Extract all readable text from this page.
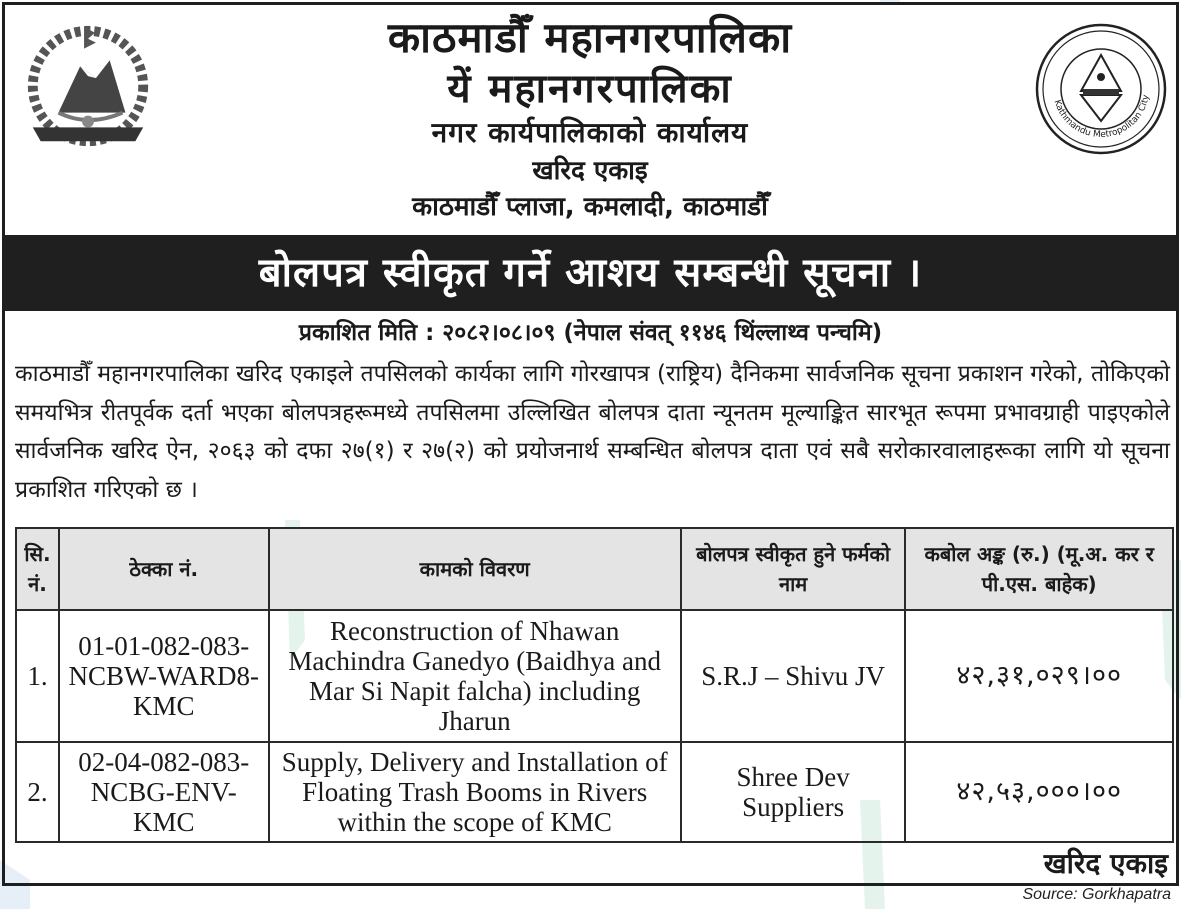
काठमाडौँ महानगरपालिका
यें महानगरपालिका
नगर कार्यपालिकाको कार्यालय
खरिद एकाइ
काठमाडौँ प्लाजा, कमलादी, काठमाडौँ
Kathmandu Metropolitan City
बोलपत्र स्वीकृत गर्ने आशय सम्बन्धी सूचना ।
प्रकाशित मिति : २०८२।०८।०९ (नेपाल संवत् ११४६ थिंल्लाथ्व पन्चमि)
काठमाडौँ महानगरपालिका खरिद एकाइले तपसिलको कार्यका लागि गोरखापत्र (राष्ट्रिय) दैनिकमा सार्वजनिक सूचना प्रकाशन गरेको, तोकिएको समयभित्र रीतपूर्वक दर्ता भएका बोलपत्रहरूमध्ये तपसिलमा उल्लिखित बोलपत्र दाता न्यूनतम मूल्याङ्कित सारभूत रूपमा प्रभावग्राही पाइएकोले सार्वजनिक खरिद ऐन, २०६३ को दफा २७(१) र २७(२) को प्रयोजनार्थ सम्बन्धित बोलपत्र दाता एवं सबै सरोकारवालाहरूका लागि यो सूचना प्रकाशित गरिएको छ ।
सि. नं.	ठेक्का नं.	कामको विवरण	बोलपत्र स्वीकृत हुने फर्मको नाम	कबोल अङ्क (रु.) (मू.अ. कर र पी.एस. बाहेक)
1.	01-01-082-083-NCBW-WARD8-KMC	Reconstruction of Nhawan Machindra Ganedyo (Baidhya and Mar Si Napit falcha) including Jharun	S.R.J – Shivu JV	४२,३१,०२९।००
2.	02-04-082-083-NCBG-ENV-KMC	Supply, Delivery and Installation of Floating Trash Booms in Rivers within the scope of KMC	Shree Dev Suppliers	४२,५३,०००।००
खरिद एकाइ
Source: Gorkhapatra
